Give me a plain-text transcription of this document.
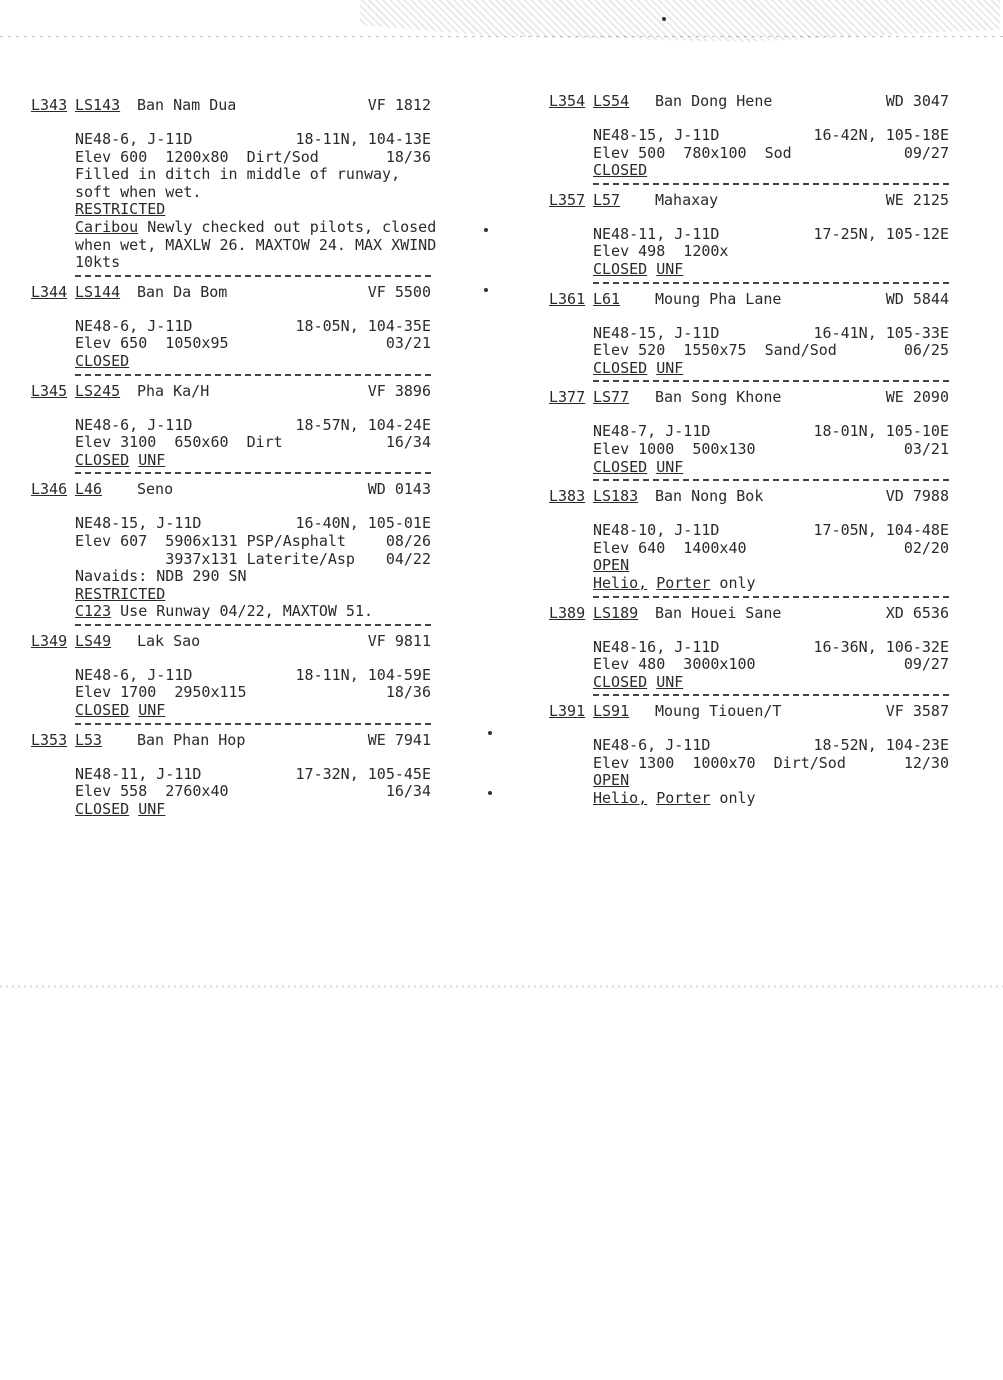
L343 LS143 Ban Nam Dua	VF 1812
NE48-6, J-11D	18-11N, 104-13E
Elev 600  1200x80  Dirt/Sod	18/36
Filled in ditch in middle of runway,
soft when wet.
RESTRICTED
Caribou Newly checked out pilots, closed
when wet, MAXLW 26. MAXTOW 24. MAX XWIND
10kts
L344 LS144 Ban Da Bom	VF 5500
NE48-6, J-11D	18-05N, 104-35E
Elev 650  1050x95	03/21
CLOSED
L345 LS245 Pha Ka/H	VF 3896
NE48-6, J-11D	18-57N, 104-24E
Elev 3100  650x60  Dirt	16/34
CLOSED UNF
L346 L46 Seno	WD 0143
NE48-15, J-11D	16-40N, 105-01E
Elev 607  5906x131 PSP/Asphalt	08/26
3937x131 Laterite/Asp 04/22
Navaids: NDB 290 SN
RESTRICTED
C123 Use Runway 04/22, MAXTOW 51.
L349 LS49 Lak Sao	VF 9811
NE48-6, J-11D	18-11N, 104-59E
Elev 1700  2950x115	18/36
CLOSED UNF
L353 L53 Ban Phan Hop	WE 7941
NE48-11, J-11D	17-32N, 105-45E
Elev 558  2760x40	16/34
CLOSED UNF
L354 LS54 Ban Dong Hene	WD 3047
NE48-15, J-11D	16-42N, 105-18E
Elev 500  780x100  Sod	09/27
CLOSED
L357 L57 Mahaxay	WE 2125
NE48-11, J-11D	17-25N, 105-12E
Elev 498  1200x
CLOSED UNF
L361 L61 Moung Pha Lane	WD 5844
NE48-15, J-11D	16-41N, 105-33E
Elev 520  1550x75  Sand/Sod	06/25
CLOSED UNF
L377 LS77 Ban Song Khone	WE 2090
NE48-7, J-11D	18-01N, 105-10E
Elev 1000  500x130	03/21
CLOSED UNF
L383 LS183 Ban Nong Bok	VD 7988
NE48-10, J-11D	17-05N, 104-48E
Elev 640  1400x40	02/20
OPEN
Helio, Porter only
L389 LS189 Ban Houei Sane	XD 6536
NE48-16, J-11D	16-36N, 106-32E
Elev 480  3000x100	09/27
CLOSED UNF
L391 LS91 Moung Tiouen/T	VF 3587
NE48-6, J-11D	18-52N, 104-23E
Elev 1300  1000x70  Dirt/Sod	12/30
OPEN
Helio, Porter only
